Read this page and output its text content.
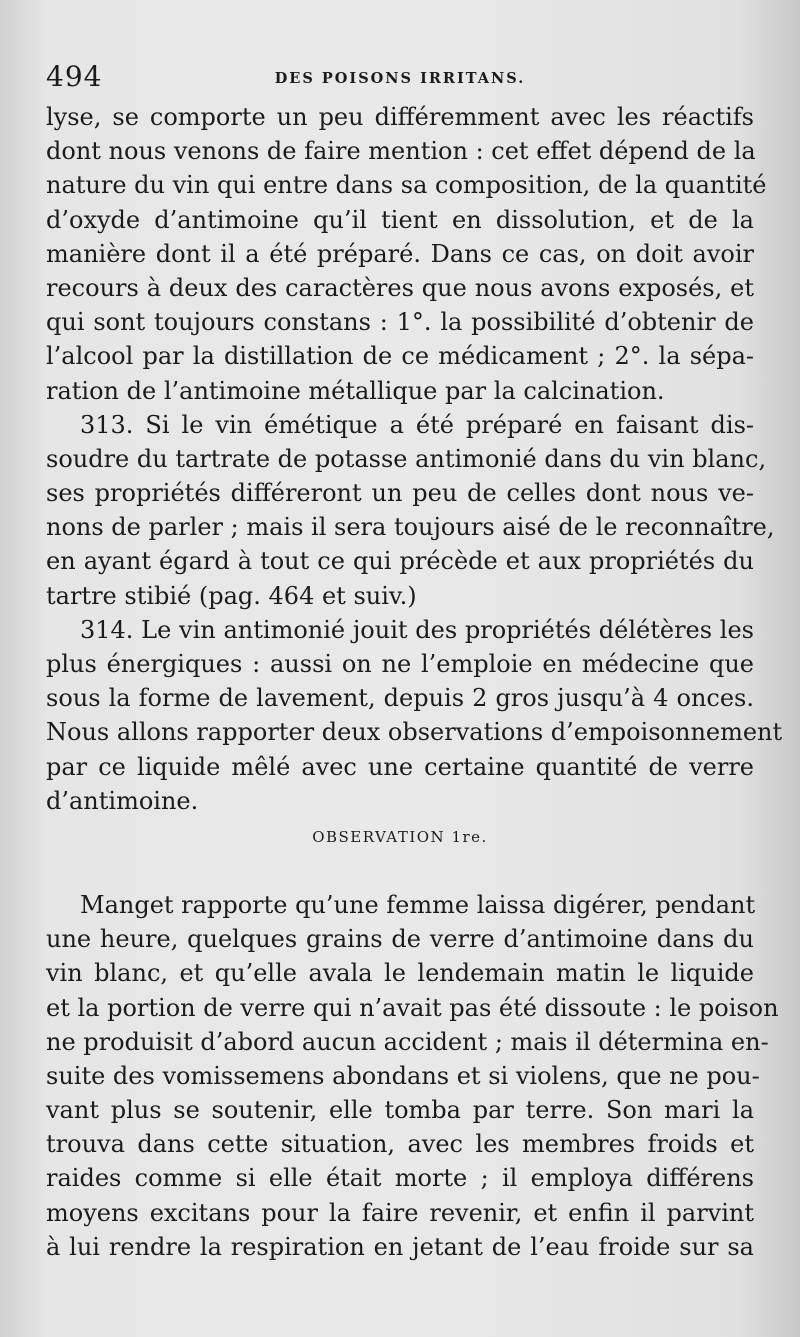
494	DES POISONS IRRITANS.
lyse, se comporte un peu différemment avec les réactifs
dont nous venons de faire mention : cet effet dépend de la
nature du vin qui entre dans sa composition, de la quantité
d’oxyde d’antimoine qu’il tient en dissolution, et de la
manière dont il a été préparé. Dans ce cas, on doit avoir
recours à deux des caractères que nous avons exposés, et
qui sont toujours constans : 1°. la possibilité d’obtenir de
l’alcool par la distillation de ce médicament ; 2°. la sépa-
ration de l’antimoine métallique par la calcination.
313. Si le vin émétique a été préparé en faisant dis-
soudre du tartrate de potasse antimonié dans du vin blanc,
ses propriétés différeront un peu de celles dont nous ve-
nons de parler ; mais il sera toujours aisé de le reconnaître,
en ayant égard à tout ce qui précède et aux propriétés du
tartre stibié (pag. 464 et suiv.)
314. Le vin antimonié jouit des propriétés délétères les
plus énergiques : aussi on ne l’emploie en médecine que
sous la forme de lavement, depuis 2 gros jusqu’à 4 onces.
Nous allons rapporter deux observations d’empoisonnement
par ce liquide mêlé avec une certaine quantité de verre
d’antimoine.
OBSERVATION 1re.
Manget rapporte qu’une femme laissa digérer, pendant
une heure, quelques grains de verre d’antimoine dans du
vin blanc, et qu’elle avala le lendemain matin le liquide
et la portion de verre qui n’avait pas été dissoute : le poison
ne produisit d’abord aucun accident ; mais il détermina en-
suite des vomissemens abondans et si violens, que ne pou-
vant plus se soutenir, elle tomba par terre. Son mari la
trouva dans cette situation, avec les membres froids et
raides comme si elle était morte ; il employa différens
moyens excitans pour la faire revenir, et enfin il parvint
à lui rendre la respiration en jetant de l’eau froide sur sa
